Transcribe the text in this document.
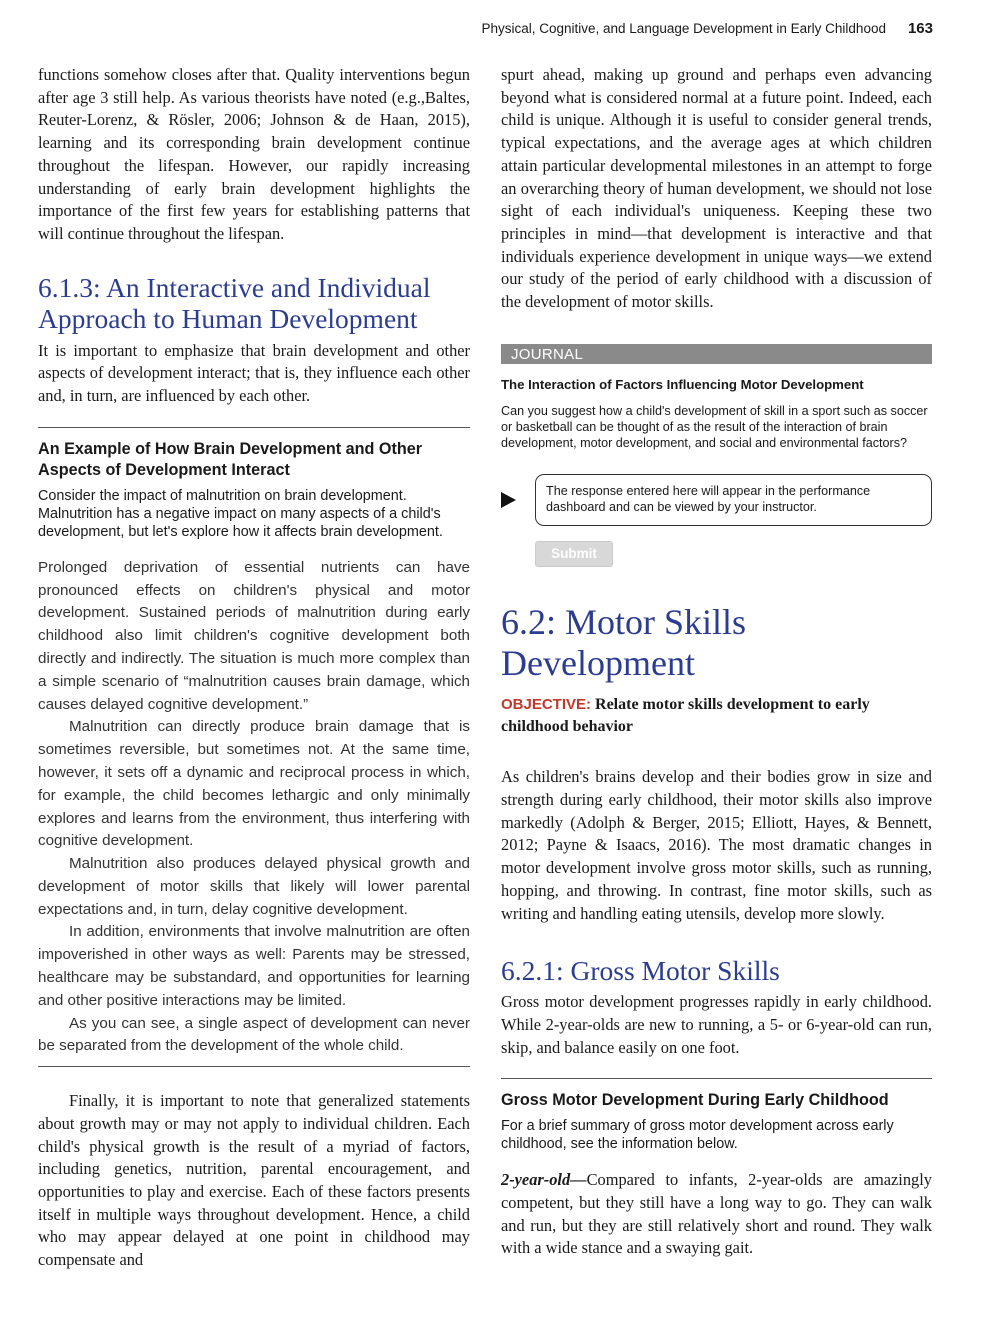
Physical, Cognitive, and Language Development in Early Childhood 163

functions somehow closes after that. Quality interventions begun after age 3 still help. As various theorists have noted (e.g.,Baltes, Reuter-Lorenz, & Rösler, 2006; Johnson & de Haan, 2015), learning and its corresponding brain development continue throughout the lifespan. However, our rapidly increasing understanding of early brain development highlights the importance of the first few years for establishing patterns that will continue throughout the lifespan.

6.1.3: An Interactive and Individual
Approach to Human Development

It is important to emphasize that brain development and other aspects of development interact; that is, they influence each other and, in turn, are influenced by each other.

An Example of How Brain Development and Other Aspects of Development Interact

Consider the impact of malnutrition on brain development. Malnutrition has a negative impact on many aspects of a child's development, but let's explore how it affects brain development.

Prolonged deprivation of essential nutrients can have pronounced effects on children's physical and motor development. Sustained periods of malnutrition during early childhood also limit children's cognitive development both directly and indirectly. The situation is much more complex than a simple scenario of “malnutrition causes brain damage, which causes delayed cognitive development.”

Malnutrition can directly produce brain damage that is sometimes reversible, but sometimes not. At the same time, however, it sets off a dynamic and reciprocal process in which, for example, the child becomes lethargic and only minimally explores and learns from the environment, thus interfering with cognitive development.

Malnutrition also produces delayed physical growth and development of motor skills that likely will lower parental expectations and, in turn, delay cognitive development.

In addition, environments that involve malnutrition are often impoverished in other ways as well: Parents may be stressed, healthcare may be substandard, and opportunities for learning and other positive interactions may be limited.

As you can see, a single aspect of development can never be separated from the development of the whole child.

Finally, it is important to note that generalized statements about growth may or may not apply to individual children. Each child's physical growth is the result of a myriad of factors, including genetics, nutrition, parental encouragement, and opportunities to play and exercise. Each of these factors presents itself in multiple ways throughout development. Hence, a child who may appear delayed at one point in childhood may compensate and

spurt ahead, making up ground and perhaps even advancing beyond what is considered normal at a future point. Indeed, each child is unique. Although it is useful to consider general trends, typical expectations, and the average ages at which children attain particular developmental milestones in an attempt to forge an overarching theory of human development, we should not lose sight of each individual's uniqueness. Keeping these two principles in mind—that development is interactive and that individuals experience development in unique ways—we extend our study of the period of early childhood with a discussion of the development of motor skills.

JOURNAL
The Interaction of Factors Influencing Motor Development
Can you suggest how a child's development of skill in a sport such as soccer or basketball can be thought of as the result of the interaction of brain development, motor development, and social and environmental factors?
The response entered here will appear in the performance dashboard and can be viewed by your instructor.
Submit
6.2: Motor Skills
Development
OBJECTIVE: Relate motor skills development to early childhood behavior

As children's brains develop and their bodies grow in size and strength during early childhood, their motor skills also improve markedly (Adolph & Berger, 2015; Elliott, Hayes, & Bennett, 2012; Payne & Isaacs, 2016). The most dramatic changes in motor development involve gross motor skills, such as running, hopping, and throwing. In contrast, fine motor skills, such as writing and handling eating utensils, develop more slowly.

6.2.1: Gross Motor Skills

Gross motor development progresses rapidly in early childhood. While 2-year-olds are new to running, a 5- or 6-year-old can run, skip, and balance easily on one foot.

Gross Motor Development During Early Childhood

For a brief summary of gross motor development across early childhood, see the information below.

2-year-old—Compared to infants, 2-year-olds are amazingly competent, but they still have a long way to go. They can walk and run, but they are still relatively short and round. They walk with a wide stance and a swaying gait.
